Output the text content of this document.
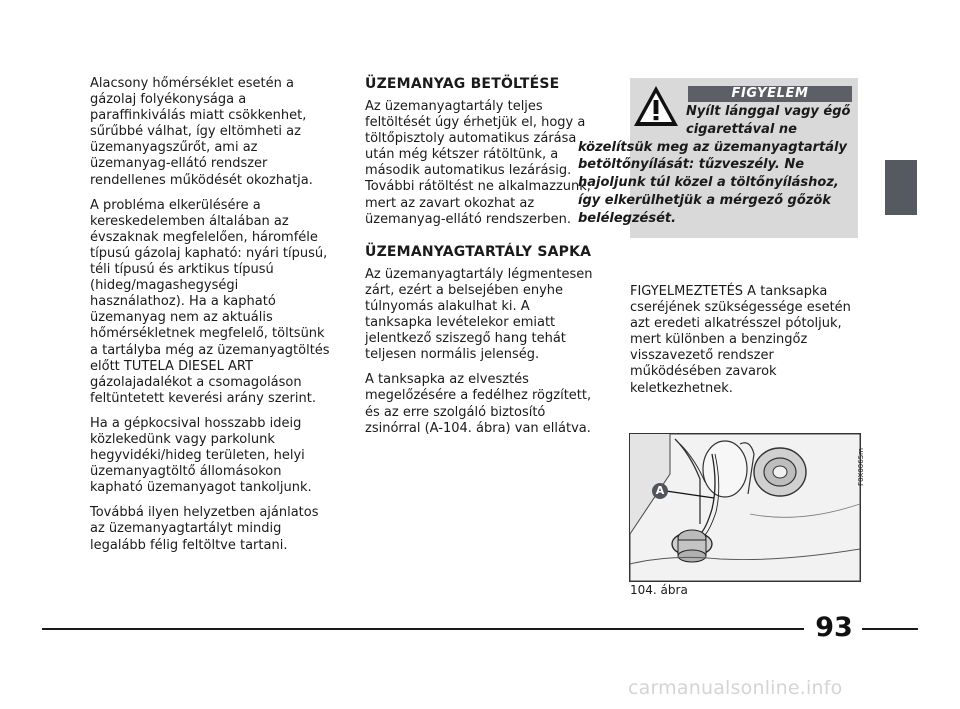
Alacsony hőmérséklet esetén a gázolaj folyékonysága a paraffinkiválás miatt csökkenhet, sűrűbbé válhat, így eltömheti az üzemanyagszűrőt, ami az üzemanyag-ellátó rendszer rendellenes működését okozhatja.

A probléma elkerülésére a kereskedelemben általában az évszaknak megfelelően, háromféle típusú gázolaj kapható: nyári típusú, téli típusú és arktikus típusú (hideg/magashegységi használathoz). Ha a kapható üzemanyag nem az aktuális hőmérsékletnek megfelelő, töltsünk a tartályba még az üzemanyagtöltés előtt TUTELA DIESEL ART gázolajadalékot a csomagoláson feltüntetett keverési arány szerint.

Ha a gépkocsival hosszabb ideig közlekedünk vagy parkolunk hegyvidéki/hideg területen, helyi üzemanyagtöltő állomásokon kapható üzemanyagot tankoljunk.

Továbbá ilyen helyzetben ajánlatos az üzemanyagtartályt mindig legalább félig feltöltve tartani.

ÜZEMANYAG BETÖLTÉSE

Az üzemanyagtartály teljes feltöltését úgy érhetjük el, hogy a töltőpisztoly automatikus zárása után még kétszer rátöltünk, a második automatikus lezárásig. További rátöltést ne alkalmazzunk, mert az zavart okozhat az üzemanyag-ellátó rendszerben.

ÜZEMANYAGTARTÁLY SAPKA

Az üzemanyagtartály légmentesen zárt, ezért a belsejében enyhe túlnyomás alakulhat ki. A tanksapka levételekor emiatt jelentkező sziszegő hang tehát teljesen normális jelenség.

A tanksapka az elvesztés megelőzésére a fedélhez rögzített, és az erre szolgáló biztosító zsinórral (A-104. ábra) van ellátva.

FIGYELEM
Nyílt lánggal vagy égő
cigarettával ne
közelítsük meg az üzemanyagtartály betöltőnyílását: tűzveszély. Ne hajoljunk túl közel a töltőnyíláshoz, így elkerülhetjük a mérgező gőzök belélegzését.

FIGYELMEZTETÉS A tanksapka cseréjének szükségessége esetén azt eredeti alkatrésszel pótoljuk, mert különben a benzingőz visszavezető rendszer működésében zavarok keletkezhetnek.

A
F0X0065m
104. ábra
93
carmanualsonline.info
